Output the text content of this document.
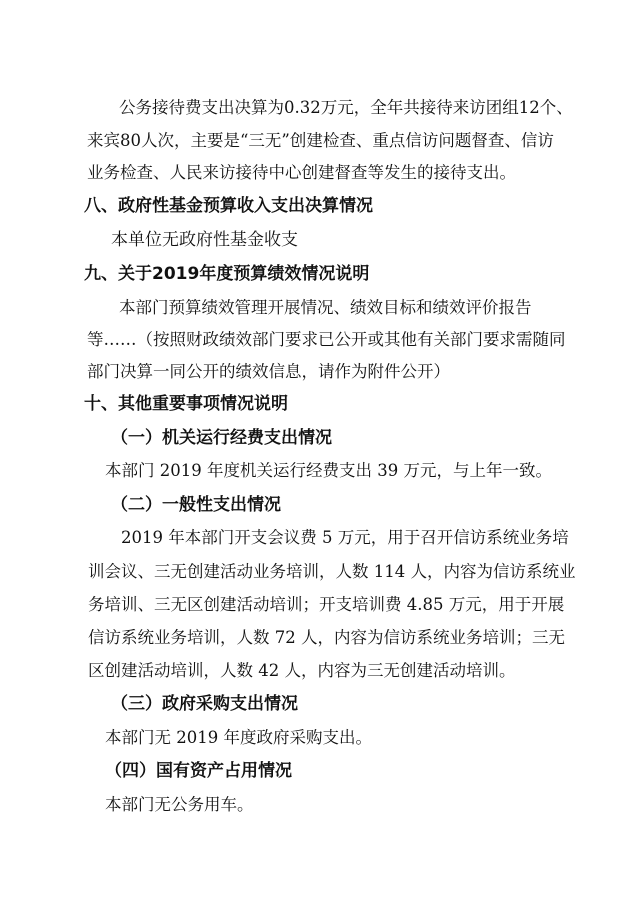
公务接待费支出决算为0.32万元，全年共接待来访团组12个、
来宾80人次，主要是“三无”创建检查、重点信访问题督查、信访
业务检查、人民来访接待中心创建督查等发生的接待支出。
八、政府性基金预算收入支出决算情况
本单位无政府性基金收支
九、关于2019年度预算绩效情况说明
本部门预算绩效管理开展情况、绩效目标和绩效评价报告
等……（按照财政绩效部门要求已公开或其他有关部门要求需随同
部门决算一同公开的绩效信息，请作为附件公开）
十、其他重要事项情况说明
（一）机关运行经费支出情况
本部门 2019 年度机关运行经费支出 39 万元，与上年一致。
（二）一般性支出情况
2019 年本部门开支会议费 5 万元，用于召开信访系统业务培
训会议、三无创建活动业务培训，人数 114 人，内容为信访系统业
务培训、三无区创建活动培训；开支培训费 4.85 万元，用于开展
信访系统业务培训，人数 72 人，内容为信访系统业务培训；三无
区创建活动培训，人数 42 人，内容为三无创建活动培训。
（三）政府采购支出情况
本部门无 2019 年度政府采购支出。
（四）国有资产占用情况
本部门无公务用车。
